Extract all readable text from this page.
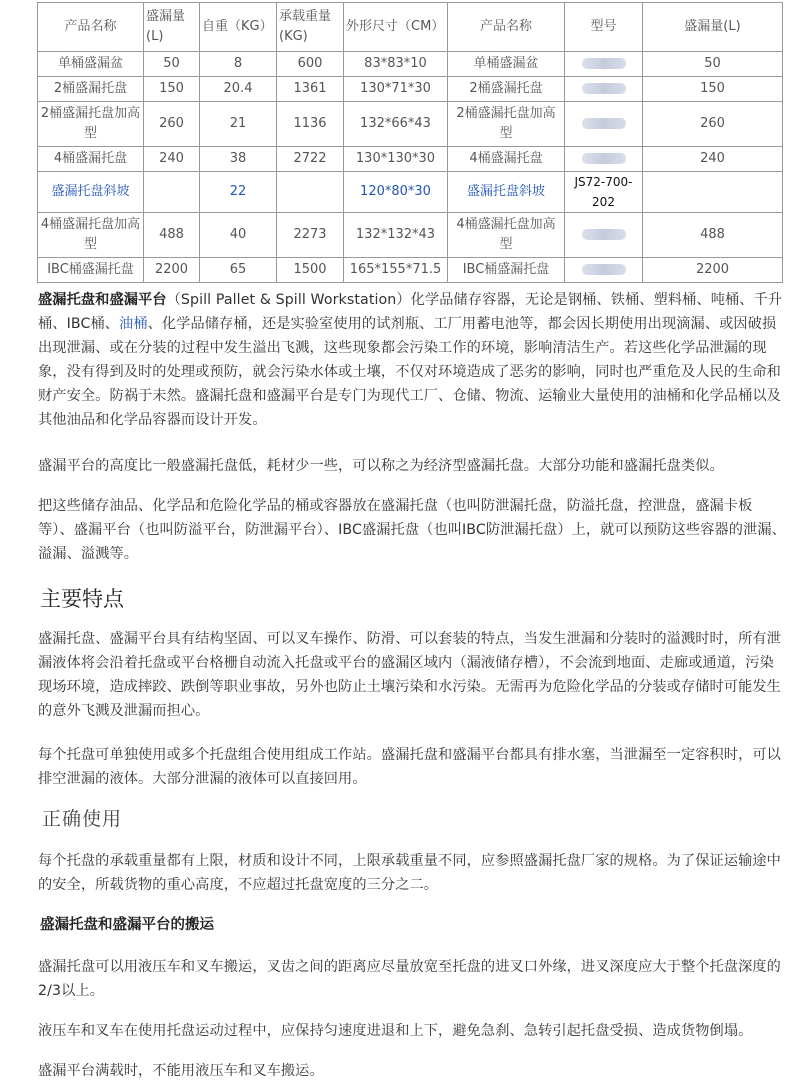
产品名称	盛漏量(L)	自重（KG）	承载重量(KG)	外形尺寸（CM）	产品名称	型号	盛漏量(L)
单桶盛漏盆	50	8	600	83*83*10	单桶盛漏盆		50
2桶盛漏托盘	150	20.4	1361	130*71*30	2桶盛漏托盘		150
2桶盛漏托盘加高型	260	21	1136	132*66*43	2桶盛漏托盘加高型		260
4桶盛漏托盘	240	38	2722	130*130*30	4桶盛漏托盘		240
盛漏托盘斜坡		22		120*80*30	盛漏托盘斜坡	JS72-700-202	
4桶盛漏托盘加高型	488	40	2273	132*132*43	4桶盛漏托盘加高型		488
IBC桶盛漏托盘	2200	65	1500	165*155*71.5	IBC桶盛漏托盘		2200

盛漏托盘和盛漏平台（Spill Pallet & Spill Workstation）化学品储存容器，无论是钢桶、铁桶、塑料桶、吨桶、千升桶、IBC桶、油桶、化学品储存桶，还是实验室使用的试剂瓶、工厂用蓄电池等，都会因长期使用出现滴漏、或因破损出现泄漏、或在分装的过程中发生溢出飞溅，这些现象都会污染工作的环境，影响清洁生产。若这些化学品泄漏的现象，没有得到及时的处理或预防，就会污染水体或土壤，不仅对环境造成了恶劣的影响，同时也严重危及人民的生命和财产安全。防祸于未然。盛漏托盘和盛漏平台是专门为现代工厂、仓储、物流、运输业大量使用的油桶和化学品桶以及其他油品和化学品容器而设计开发。

盛漏平台的高度比一般盛漏托盘低，耗材少一些，可以称之为经济型盛漏托盘。大部分功能和盛漏托盘类似。

把这些储存油品、化学品和危险化学品的桶或容器放在盛漏托盘（也叫防泄漏托盘，防溢托盘，控泄盘，盛漏卡板等）、盛漏平台（也叫防溢平台，防泄漏平台）、IBC盛漏托盘（也叫IBC防泄漏托盘）上，就可以预防这些容器的泄漏、溢漏、溢溅等。

主要特点

盛漏托盘、盛漏平台具有结构坚固、可以叉车操作、防滑、可以套装的特点，当发生泄漏和分装时的溢溅时时，所有泄漏液体将会沿着托盘或平台格栅自动流入托盘或平台的盛漏区域内（漏液储存槽），不会流到地面、走廊或通道，污染现场环境，造成摔跤、跌倒等职业事故，另外也防止土壤污染和水污染。无需再为危险化学品的分装或存储时可能发生的意外飞溅及泄漏而担心。

每个托盘可单独使用或多个托盘组合使用组成工作站。盛漏托盘和盛漏平台都具有排水塞，当泄漏至一定容积时，可以排空泄漏的液体。大部分泄漏的液体可以直接回用。

正确使用

每个托盘的承载重量都有上限，材质和设计不同，上限承载重量不同，应参照盛漏托盘厂家的规格。为了保证运输途中的安全，所载货物的重心高度，不应超过托盘宽度的三分之二。

盛漏托盘和盛漏平台的搬运

盛漏托盘可以用液压车和叉车搬运，叉齿之间的距离应尽量放宽至托盘的进叉口外缘，进叉深度应大于整个托盘深度的2/3以上。

液压车和叉车在使用托盘运动过程中，应保持匀速度进退和上下，避免急刹、急转引起托盘受损、造成货物倒塌。

盛漏平台满载时，不能用液压车和叉车搬运。
